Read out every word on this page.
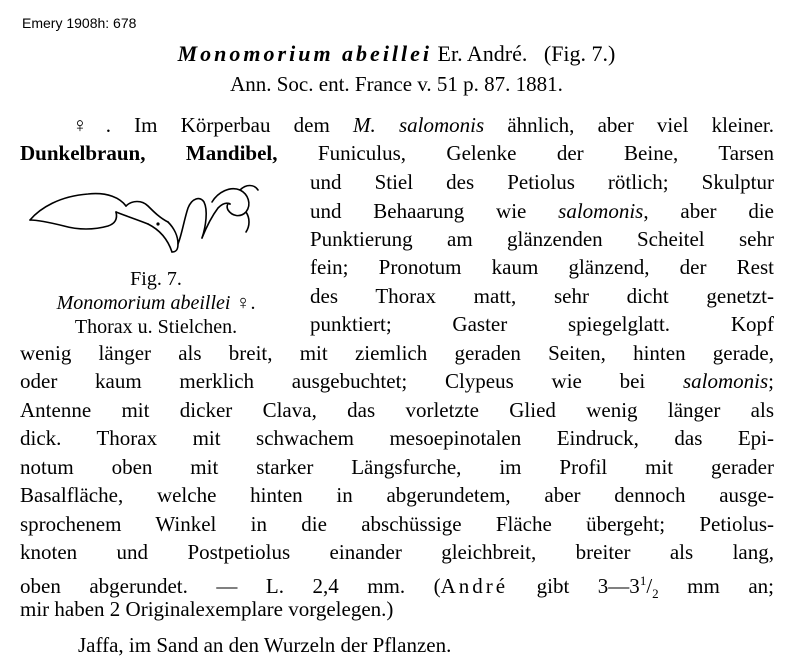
Emery 1908h: 678
Monomorium abeillei Er. André. (Fig. 7.)
Ann. Soc. ent. France v. 51 p. 87. 1881.
♀. Im Körperbau dem M. salomonis ähnlich, aber viel kleiner.
Dunkelbraun, Mandibel, Funiculus, Gelenke der Beine, Tarsen
und Stiel des Petiolus rötlich; Skulptur
und Behaarung wie salomonis, aber die
Punktierung am glänzenden Scheitel sehr
fein; Pronotum kaum glänzend, der Rest
des Thorax matt, sehr dicht genetzt-
punktiert; Gaster spiegelglatt. Kopf
Fig. 7.
Monomorium abeillei ♀.
Thorax u. Stielchen.
wenig länger als breit, mit ziemlich geraden Seiten, hinten gerade,
oder kaum merklich ausgebuchtet; Clypeus wie bei salomonis;
Antenne mit dicker Clava, das vorletzte Glied wenig länger als
dick. Thorax mit schwachem mesoepinotalen Eindruck, das Epi-
notum oben mit starker Längsfurche, im Profil mit gerader
Basalfläche, welche hinten in abgerundetem, aber dennoch ausge-
sprochenem Winkel in die abschüssige Fläche übergeht; Petiolus-
knoten und Postpetiolus einander gleichbreit, breiter als lang,
oben abgerundet. — L. 2,4 mm. (André gibt $3—3^1/_2$ mm an;
mir haben 2 Originalexemplare vorgelegen.)
Jaffa, im Sand an den Wurzeln der Pflanzen.
